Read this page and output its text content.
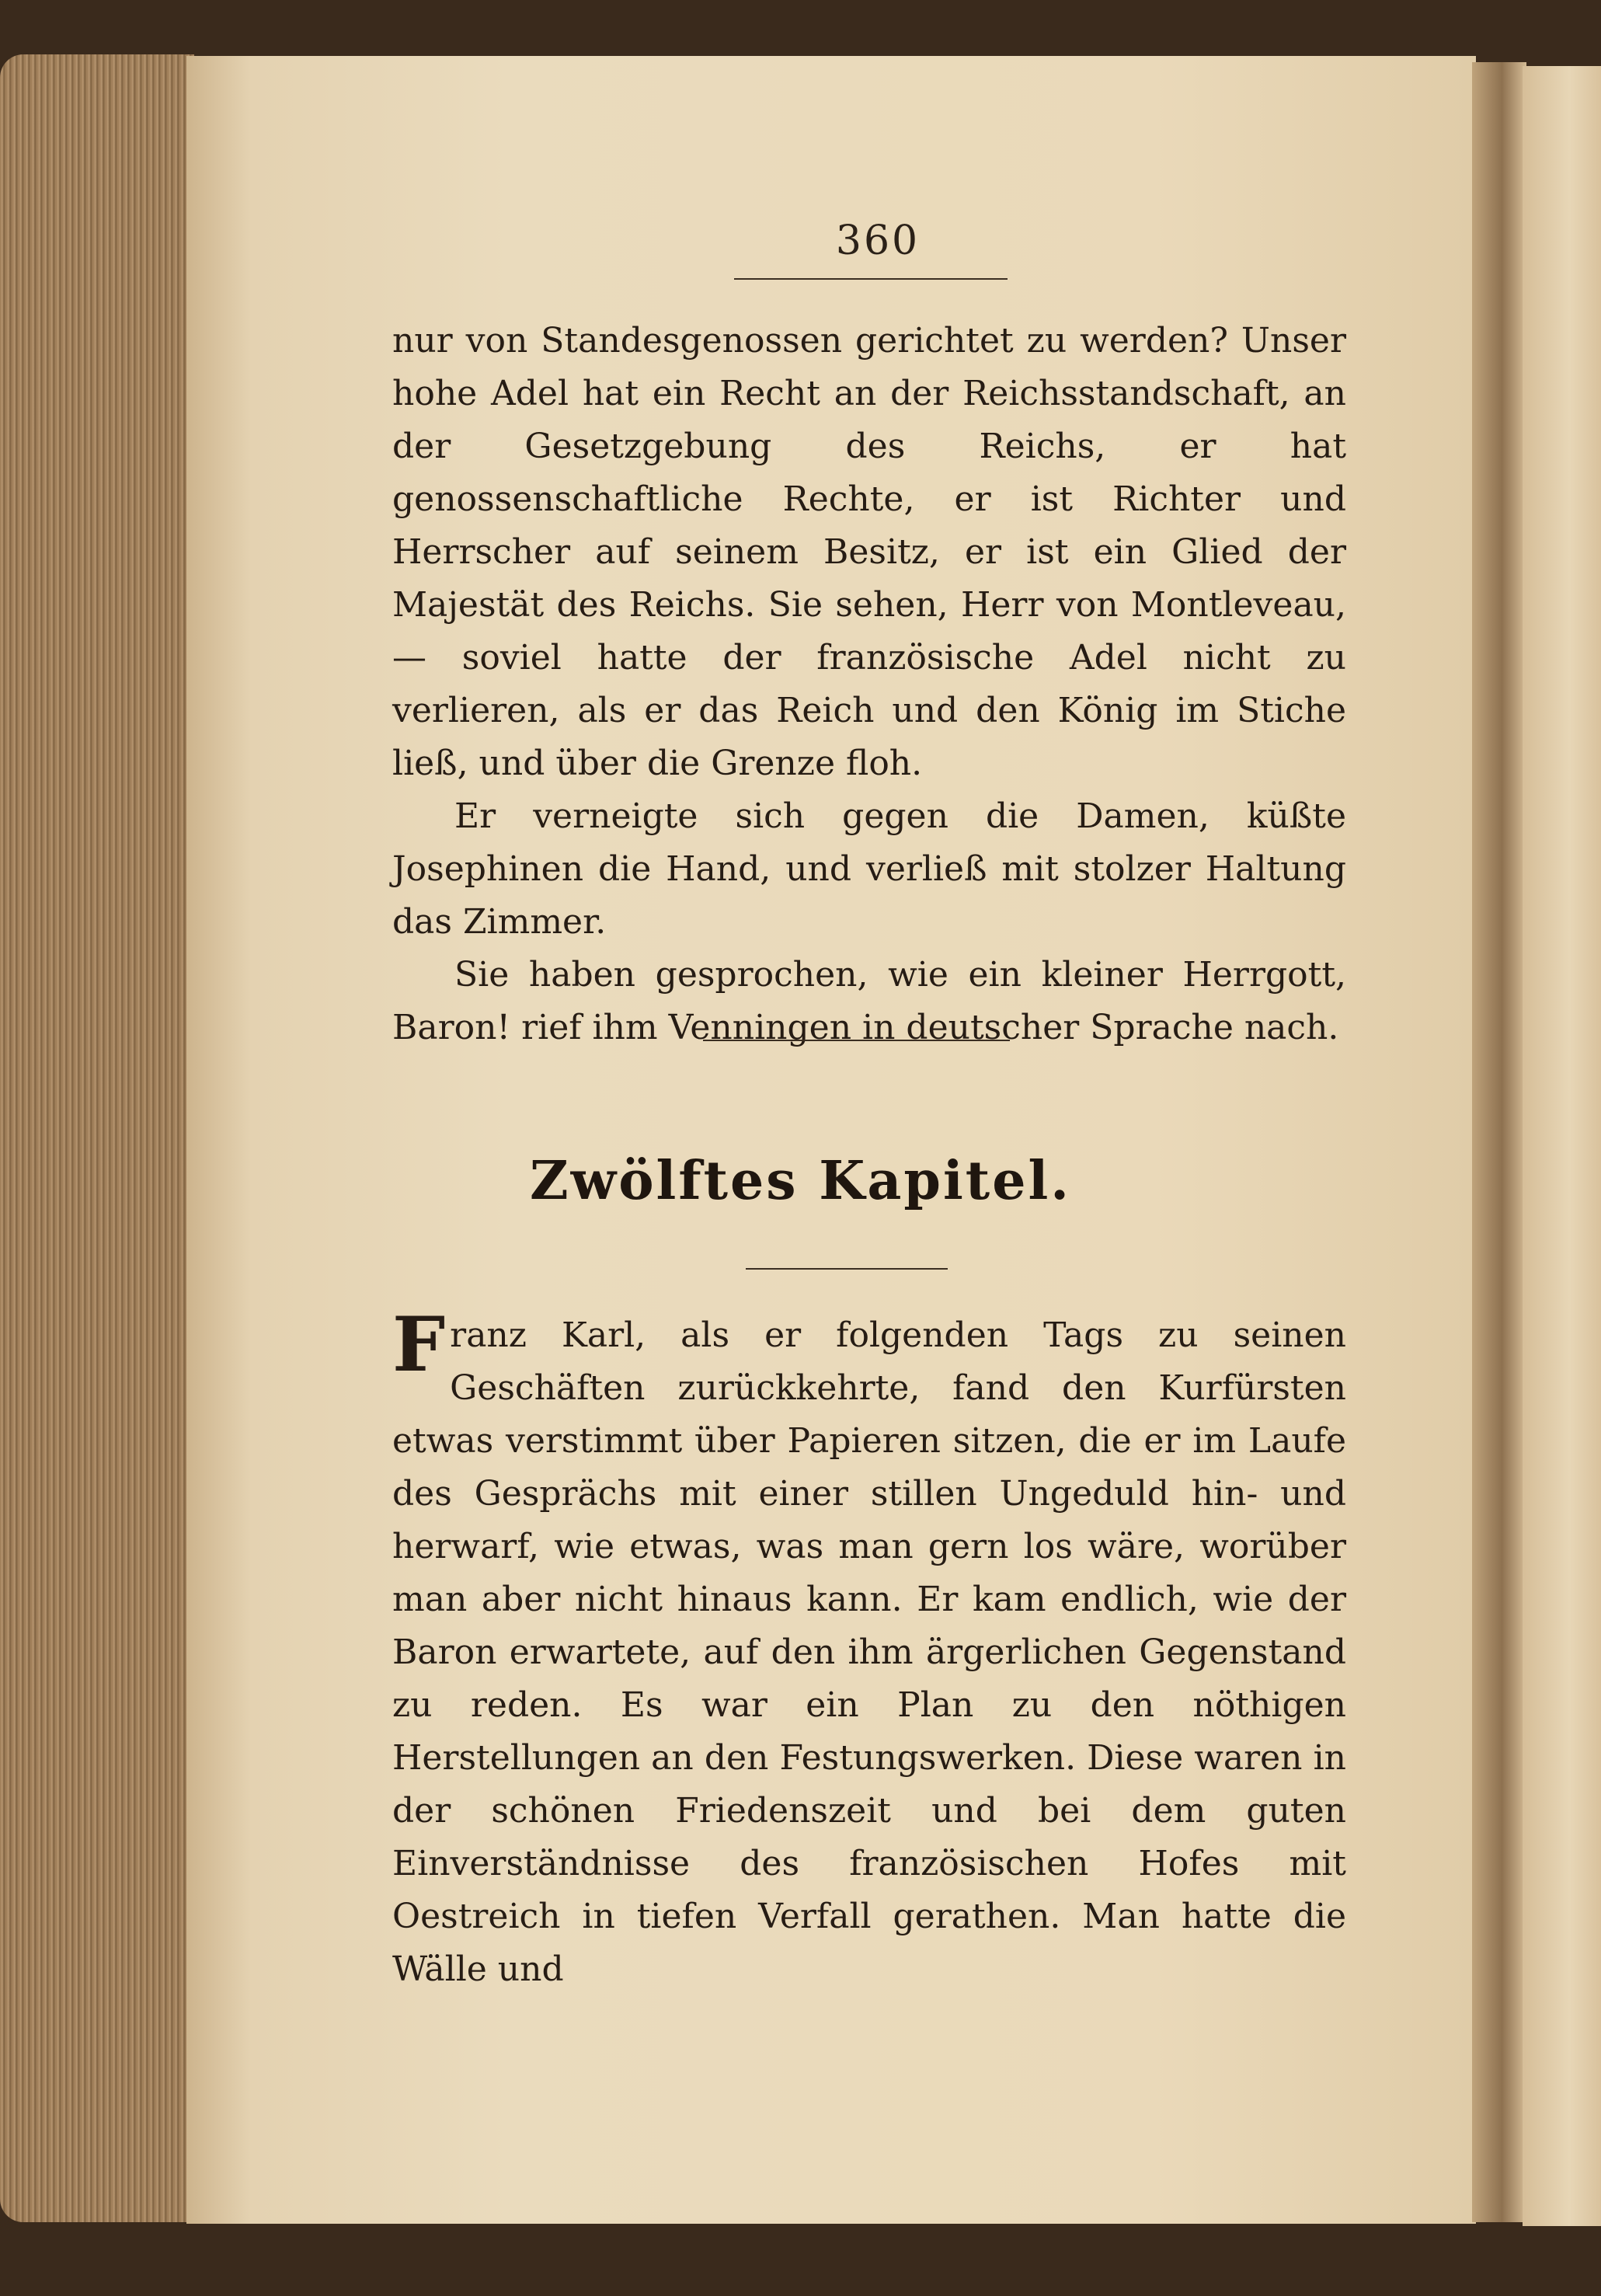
360

nur von Standesgenossen gerichtet zu werden? Unser hohe Adel hat ein Recht an der Reichsstandschaft, an der Gesetzgebung des Reichs, er hat genossenschaftliche Rechte, er ist Richter und Herrscher auf seinem Besitz, er ist ein Glied der Majestät des Reichs. Sie sehen, Herr von Montleveau, — soviel hatte der französische Adel nicht zu verlieren, als er das Reich und den König im Stiche ließ, und über die Grenze floh.

Er verneigte sich gegen die Damen, küßte Josephinen die Hand, und verließ mit stolzer Haltung das Zimmer.

Sie haben gesprochen, wie ein kleiner Herrgott, Baron! rief ihm Venningen in deutscher Sprache nach.

Zwölftes Kapitel.

Franz Karl, als er folgenden Tags zu seinen Geschäften zurückkehrte, fand den Kurfürsten etwas verstimmt über Papieren sitzen, die er im Laufe des Gesprächs mit einer stillen Ungeduld hin- und herwarf, wie etwas, was man gern los wäre, worüber man aber nicht hinaus kann. Er kam endlich, wie der Baron erwartete, auf den ihm ärgerlichen Gegenstand zu reden. Es war ein Plan zu den nöthigen Herstellungen an den Festungswerken. Diese waren in der schönen Friedenszeit und bei dem guten Einverständnisse des französischen Hofes mit Oestreich in tiefen Verfall gerathen. Man hatte die Wälle und
